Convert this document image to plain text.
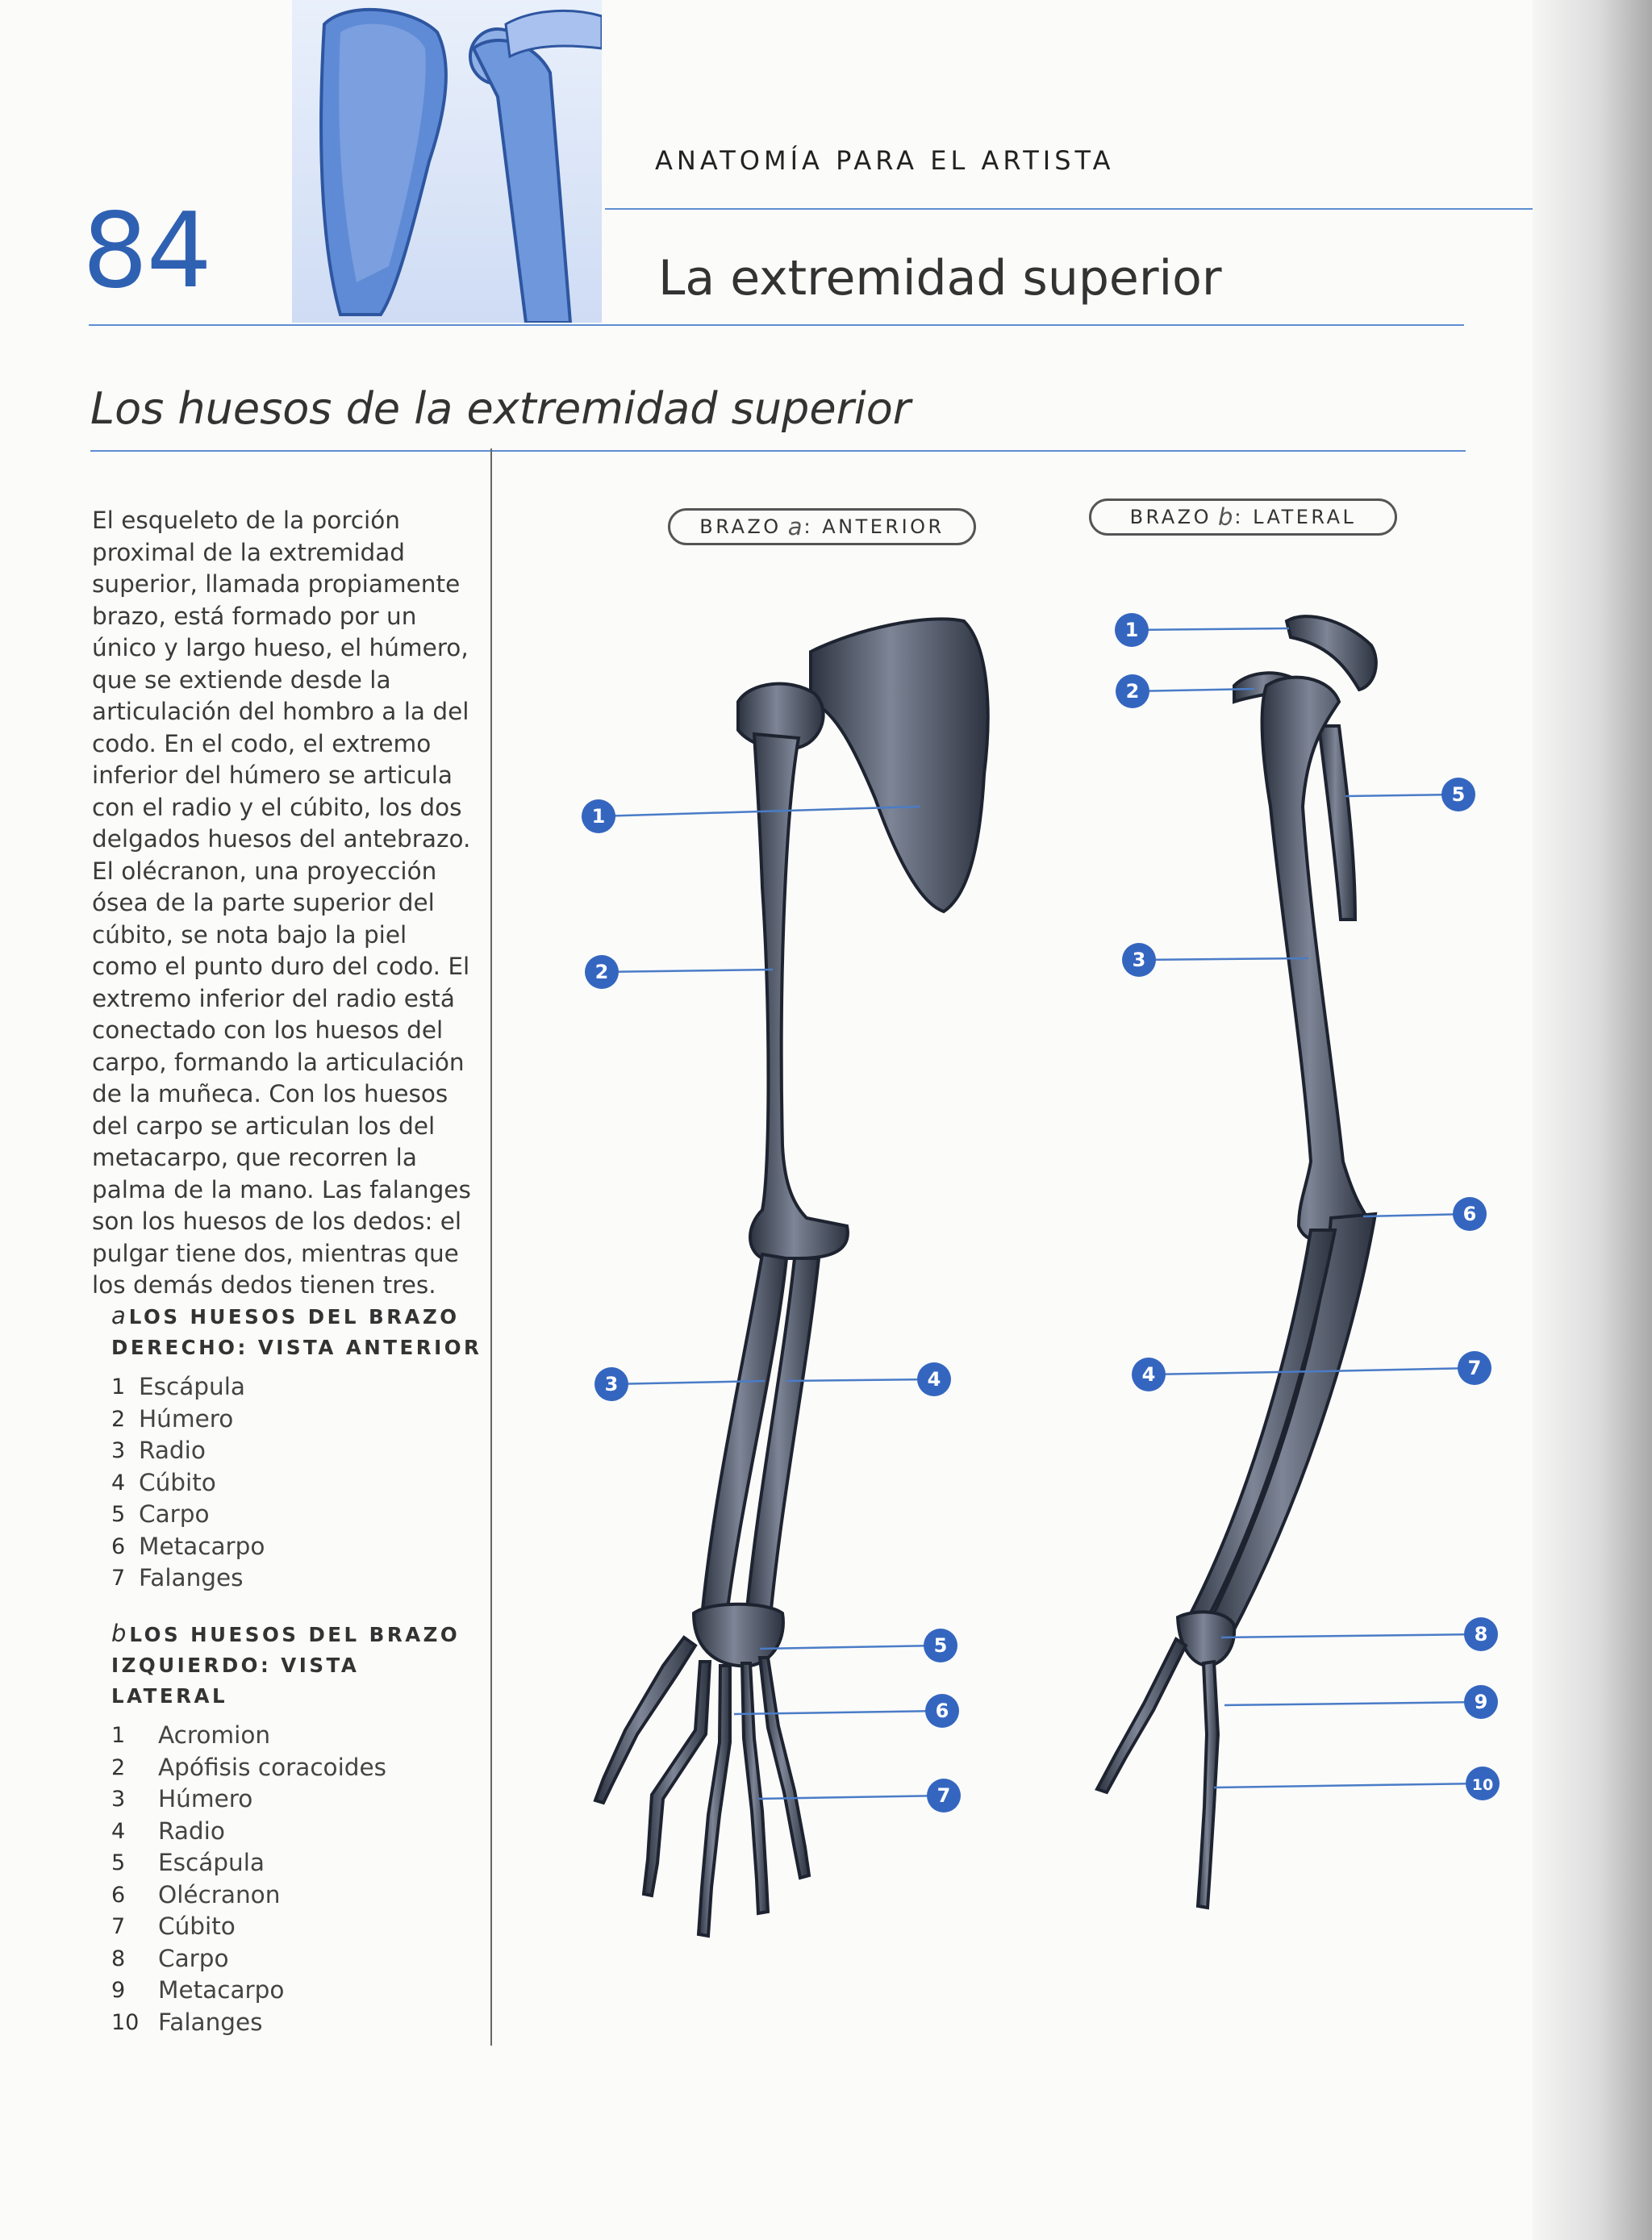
84
ANATOMÍA PARA EL ARTISTA
La extremidad superior
Los huesos de la extremidad superior

El esqueleto de la porción proximal de la extremidad superior, llamada propiamente brazo, está formado por un único y largo hueso, el húmero, que se extiende desde la articulación del hombro a la del codo. En el codo, el extremo inferior del húmero se articula con el radio y el cúbito, los dos delgados huesos del antebrazo. El olécranon, una proyección ósea de la parte superior del cúbito, se nota bajo la piel como el punto duro del codo. El extremo inferior del radio está conectado con los huesos del carpo, formando la articulación de la muñeca. Con los huesos del carpo se articulan los del metacarpo, que recorren la palma de la mano. Las falanges son los huesos de los dedos: el pulgar tiene dos, mientras que los demás dedos tienen tres.

a LOS HUESOS DEL BRAZO DERECHO: VISTA ANTERIOR

1 Escápula
2 Húmero
3 Radio
4 Cúbito
5 Carpo
6 Metacarpo
7 Falanges

b LOS HUESOS DEL BRAZO IZQUIERDO: VISTA LATERAL

1	Acromion
2	Apófisis coracoides
3	Húmero
4	Radio
5	Escápula
6	Olécranon
7	Cúbito
8	Carpo
9	Metacarpo
10 Falanges
BRAZO a : ANTERIOR	BRAZO b : LATERAL
1
2
3	4
5
6
7
1
2
3
4
5
6
7
8
9
10
